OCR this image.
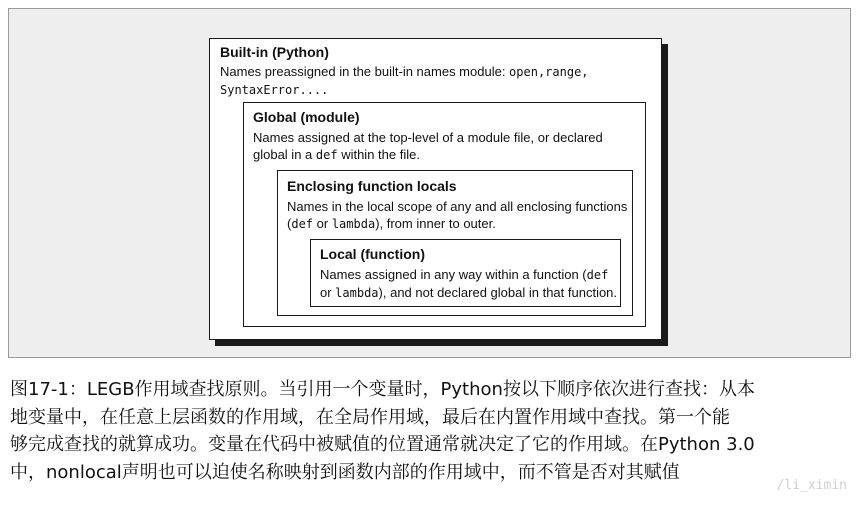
Built-in (Python)
Names preassigned in the built-in names module: open,range,
SyntaxError....
Global (module)
Names assigned at the top-level of a module file, or declared
global in a def within the file.
Enclosing function locals
Names in the local scope of any and all enclosing functions
(def or lambda), from inner to outer.
Local (function)
Names assigned in any way within a function (def
or lambda), and not declared global in that function.
图17-1：LEGB作用域查找原则。当引用一个变量时，Python按以下顺序依次进行查找：从本
地变量中，在任意上层函数的作用域，在全局作用域，最后在内置作用域中查找。第一个能
够完成查找的就算成功。变量在代码中被赋值的位置通常就决定了它的作用域。在Python 3.0
中，nonlocal声明也可以迫使名称映射到函数内部的作用域中，而不管是否对其赋值
/li_ximin
